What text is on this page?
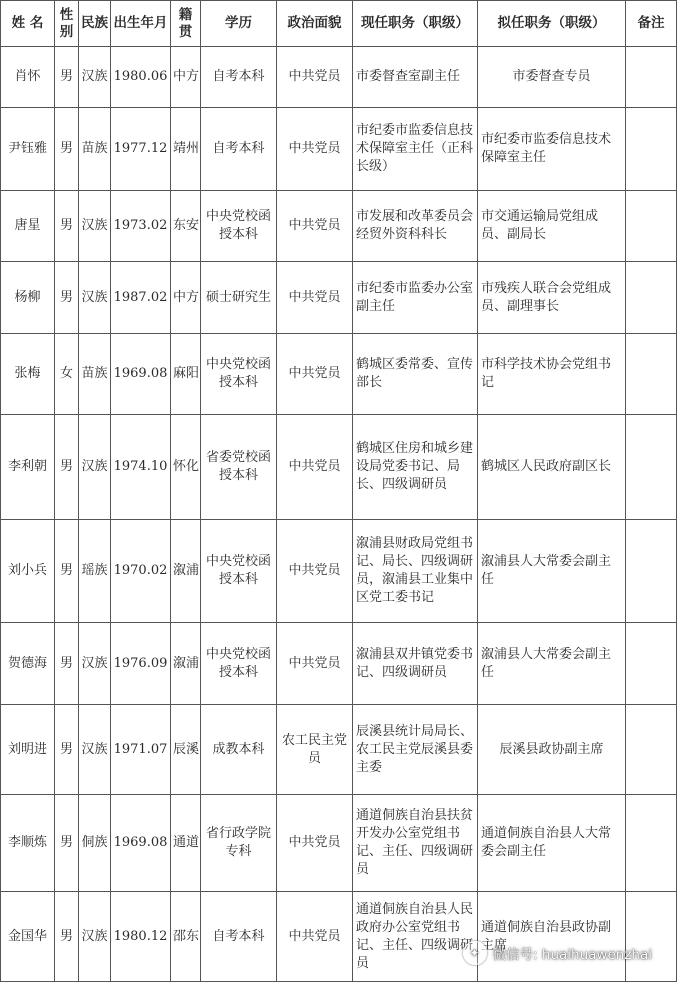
姓 名	性别	民族	出生年月	籍贯	学历	政治面貌	现任职务（职级）	拟任职务（职级）	备注
肖怀	男	汉族	1980.06	中方	自考本科	中共党员	市委督查室副主任	市委督查专员	
尹钰雅	男	苗族	1977.12	靖州	自考本科	中共党员	市纪委市监委信息技术保障室主任（正科长级）	市纪委市监委信息技术保障室主任	
唐星	男	汉族	1973.02	东安	中央党校函授本科	中共党员	市发展和改革委员会经贸外资科科长	市交通运输局党组成员、副局长	
杨柳	男	汉族	1987.02	中方	硕士研究生	中共党员	市纪委市监委办公室副主任	市残疾人联合会党组成员、副理事长	
张梅	女	苗族	1969.08	麻阳	中央党校函授本科	中共党员	鹤城区委常委、宣传部长	市科学技术协会党组书记	
李利朝	男	汉族	1974.10	怀化	省委党校函授本科	中共党员	鹤城区住房和城乡建设局党委书记、局长、四级调研员	鹤城区人民政府副区长	
刘小兵	男	瑶族	1970.02	溆浦	中央党校函授本科	中共党员	溆浦县财政局党组书记、局长、四级调研员，溆浦县工业集中区党工委书记	溆浦县人大常委会副主任	
贺德海	男	汉族	1976.09	溆浦	中央党校函授本科	中共党员	溆浦县双井镇党委书记、四级调研员	溆浦县人大常委会副主任	
刘明进	男	汉族	1971.07	辰溪	成教本科	农工民主党员	辰溪县统计局局长、农工民主党辰溪县委主委	辰溪县政协副主席	
李顺炼	男	侗族	1969.08	通道	省行政学院专科	中共党员	通道侗族自治县扶贫开发办公室党组书记、主任、四级调研员	通道侗族自治县人大常委会副主任	
金国华	男	汉族	1980.12	邵东	自考本科	中共党员	通道侗族自治县人民政府办公室党组书记、主任、四级调研员	通道侗族自治县政协副主席	
✦ 微信号: huaihuawenzhai
